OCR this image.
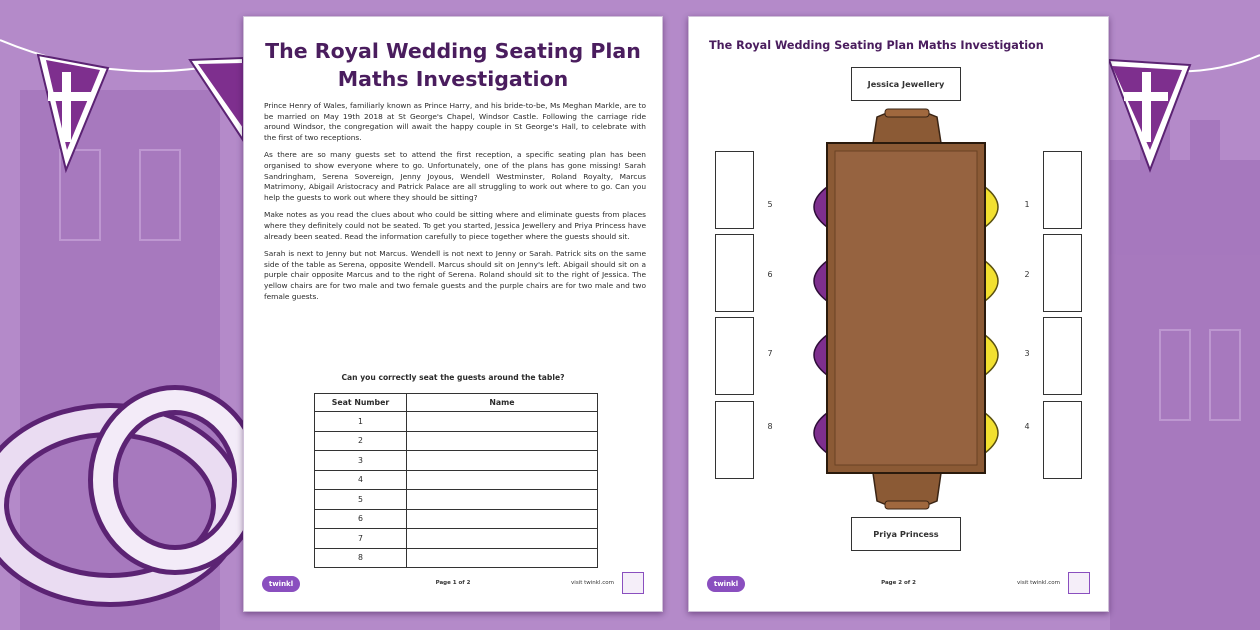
The Royal Wedding Seating Plan
Maths Investigation

Prince Henry of Wales, familiarly known as Prince Harry, and his bride-to-be, Ms Meghan Markle, are to be married on May 19th 2018 at St George's Chapel, Windsor Castle. Following the carriage ride around Windsor, the congregation will await the happy couple in St George's Hall, to celebrate with the first of two receptions.

As there are so many guests set to attend the first reception, a specific seating plan has been organised to show everyone where to go. Unfortunately, one of the plans has gone missing! Sarah Sandringham, Serena Sovereign, Jenny Joyous, Wendell Westminster, Roland Royalty, Marcus Matrimony, Abigail Aristocracy and Patrick Palace are all struggling to work out where to go. Can you help the guests to work out where they should be sitting?

Make notes as you read the clues about who could be sitting where and eliminate guests from places where they definitely could not be seated. To get you started, Jessica Jewellery and Priya Princess have already been seated. Read the information carefully to piece together where the guests should sit.

Sarah is next to Jenny but not Marcus. Wendell is not next to Jenny or Sarah. Patrick sits on the same side of the table as Serena, opposite Wendell. Marcus should sit on Jenny's left. Abigail should sit on a purple chair opposite Marcus and to the right of Serena. Roland should sit to the right of Jessica. The yellow chairs are for two male and two female guests and the purple chairs are for two male and two female guests.

Can you correctly seat the guests around the table?
Seat Number	Name
1	
2	
3	
4	
5	
6	
7	
8	
twinkl	Page 1 of 2	visit twinkl.com
The Royal Wedding Seating Plan Maths Investigation
Jessica Jewellery
Priya Princess
5
6
7
8
1
2
3
4
twinkl	Page 2 of 2	visit twinkl.com
